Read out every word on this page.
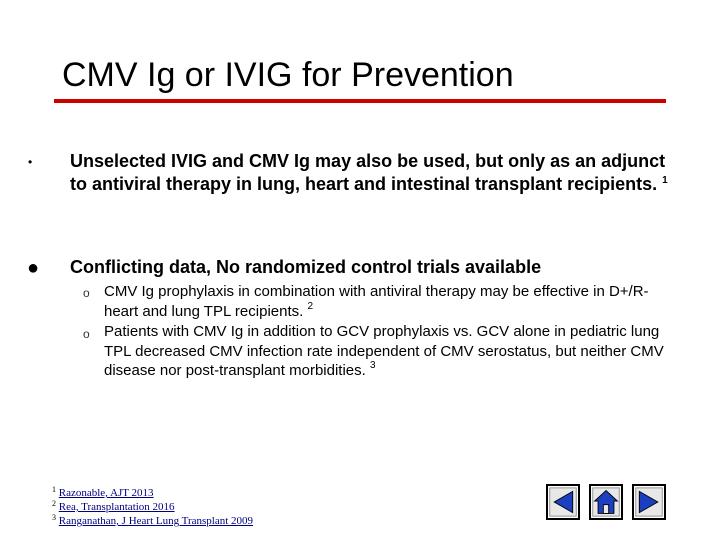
CMV Ig or IVIG for Prevention
• Unselected IVIG and CMV Ig may also be used, but only as an adjunct to antiviral therapy in lung, heart and intestinal transplant recipients. $^1$
● Conflicting data, No randomized control trials available
o CMV Ig prophylaxis in combination with antiviral therapy may be effective in D+/R- heart and lung TPL recipients. $^2$
o Patients with CMV Ig in addition to GCV prophylaxis vs. GCV alone in pediatric lung TPL decreased CMV infection rate independent of CMV serostatus, but neither CMV disease nor post-transplant morbidities. $^3$
$^1$ Razonable, AJT 2013
$^2$ Rea, Transplantation 2016
$^3$ Ranganathan, J Heart Lung Transplant 2009
